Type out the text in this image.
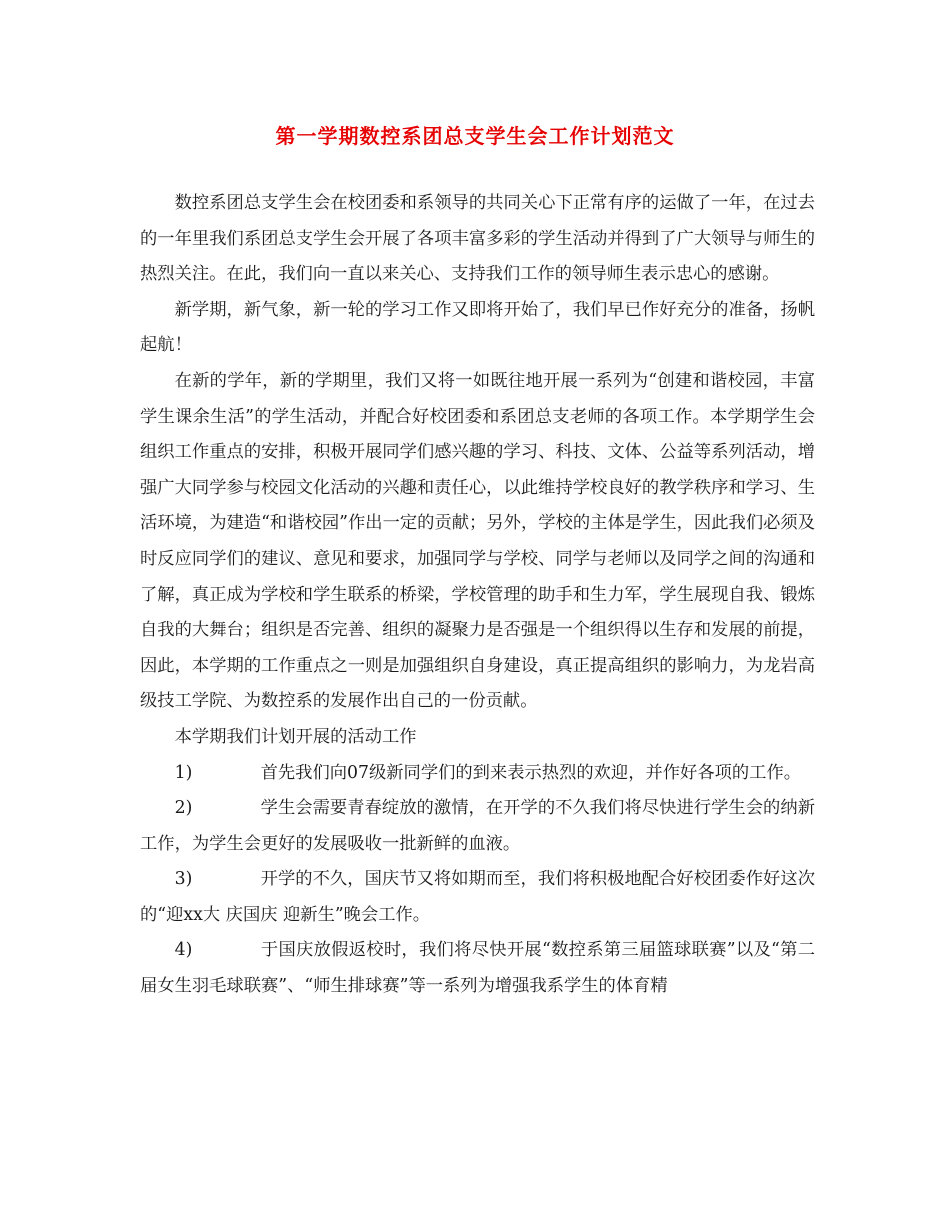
第一学期数控系团总支学生会工作计划范文

数控系团总支学生会在校团委和系领导的共同关心下正常有序的运做了一年，在过去的一年里我们系团总支学生会开展了各项丰富多彩的学生活动并得到了广大领导与师生的热烈关注。在此，我们向一直以来关心、支持我们工作的领导师生表示忠心的感谢。

新学期，新气象，新一轮的学习工作又即将开始了，我们早已作好充分的准备，扬帆起航！

在新的学年，新的学期里，我们又将一如既往地开展一系列为“创建和谐校园，丰富学生课余生活”的学生活动，并配合好校团委和系团总支老师的各项工作。本学期学生会组织工作重点的安排，积极开展同学们感兴趣的学习、科技、文体、公益等系列活动，增强广大同学参与校园文化活动的兴趣和责任心，以此维持学校良好的教学秩序和学习、生活环境，为建造“和谐校园”作出一定的贡献；另外，学校的主体是学生，因此我们必须及时反应同学们的建议、意见和要求，加强同学与学校、同学与老师以及同学之间的沟通和了解，真正成为学校和学生联系的桥梁，学校管理的助手和生力军，学生展现自我、锻炼自我的大舞台；组织是否完善、组织的凝聚力是否强是一个组织得以生存和发展的前提，因此，本学期的工作重点之一则是加强组织自身建设，真正提高组织的影响力，为龙岩高级技工学院、为数控系的发展作出自己的一份贡献。

本学期我们计划开展的活动工作

1)	首先我们向07级新同学们的到来表示热烈的欢迎，并作好各项的工作。

2)	学生会需要青春绽放的激情，在开学的不久我们将尽快进行学生会的纳新工作，为学生会更好的发展吸收一批新鲜的血液。

3)	开学的不久，国庆节又将如期而至，我们将积极地配合好校团委作好这次的“迎xx大 庆国庆 迎新生”晚会工作。

4)	于国庆放假返校时，我们将尽快开展“数控系第三届篮球联赛”以及“第二届女生羽毛球联赛”、“师生排球赛”等一系列为增强我系学生的体育精
